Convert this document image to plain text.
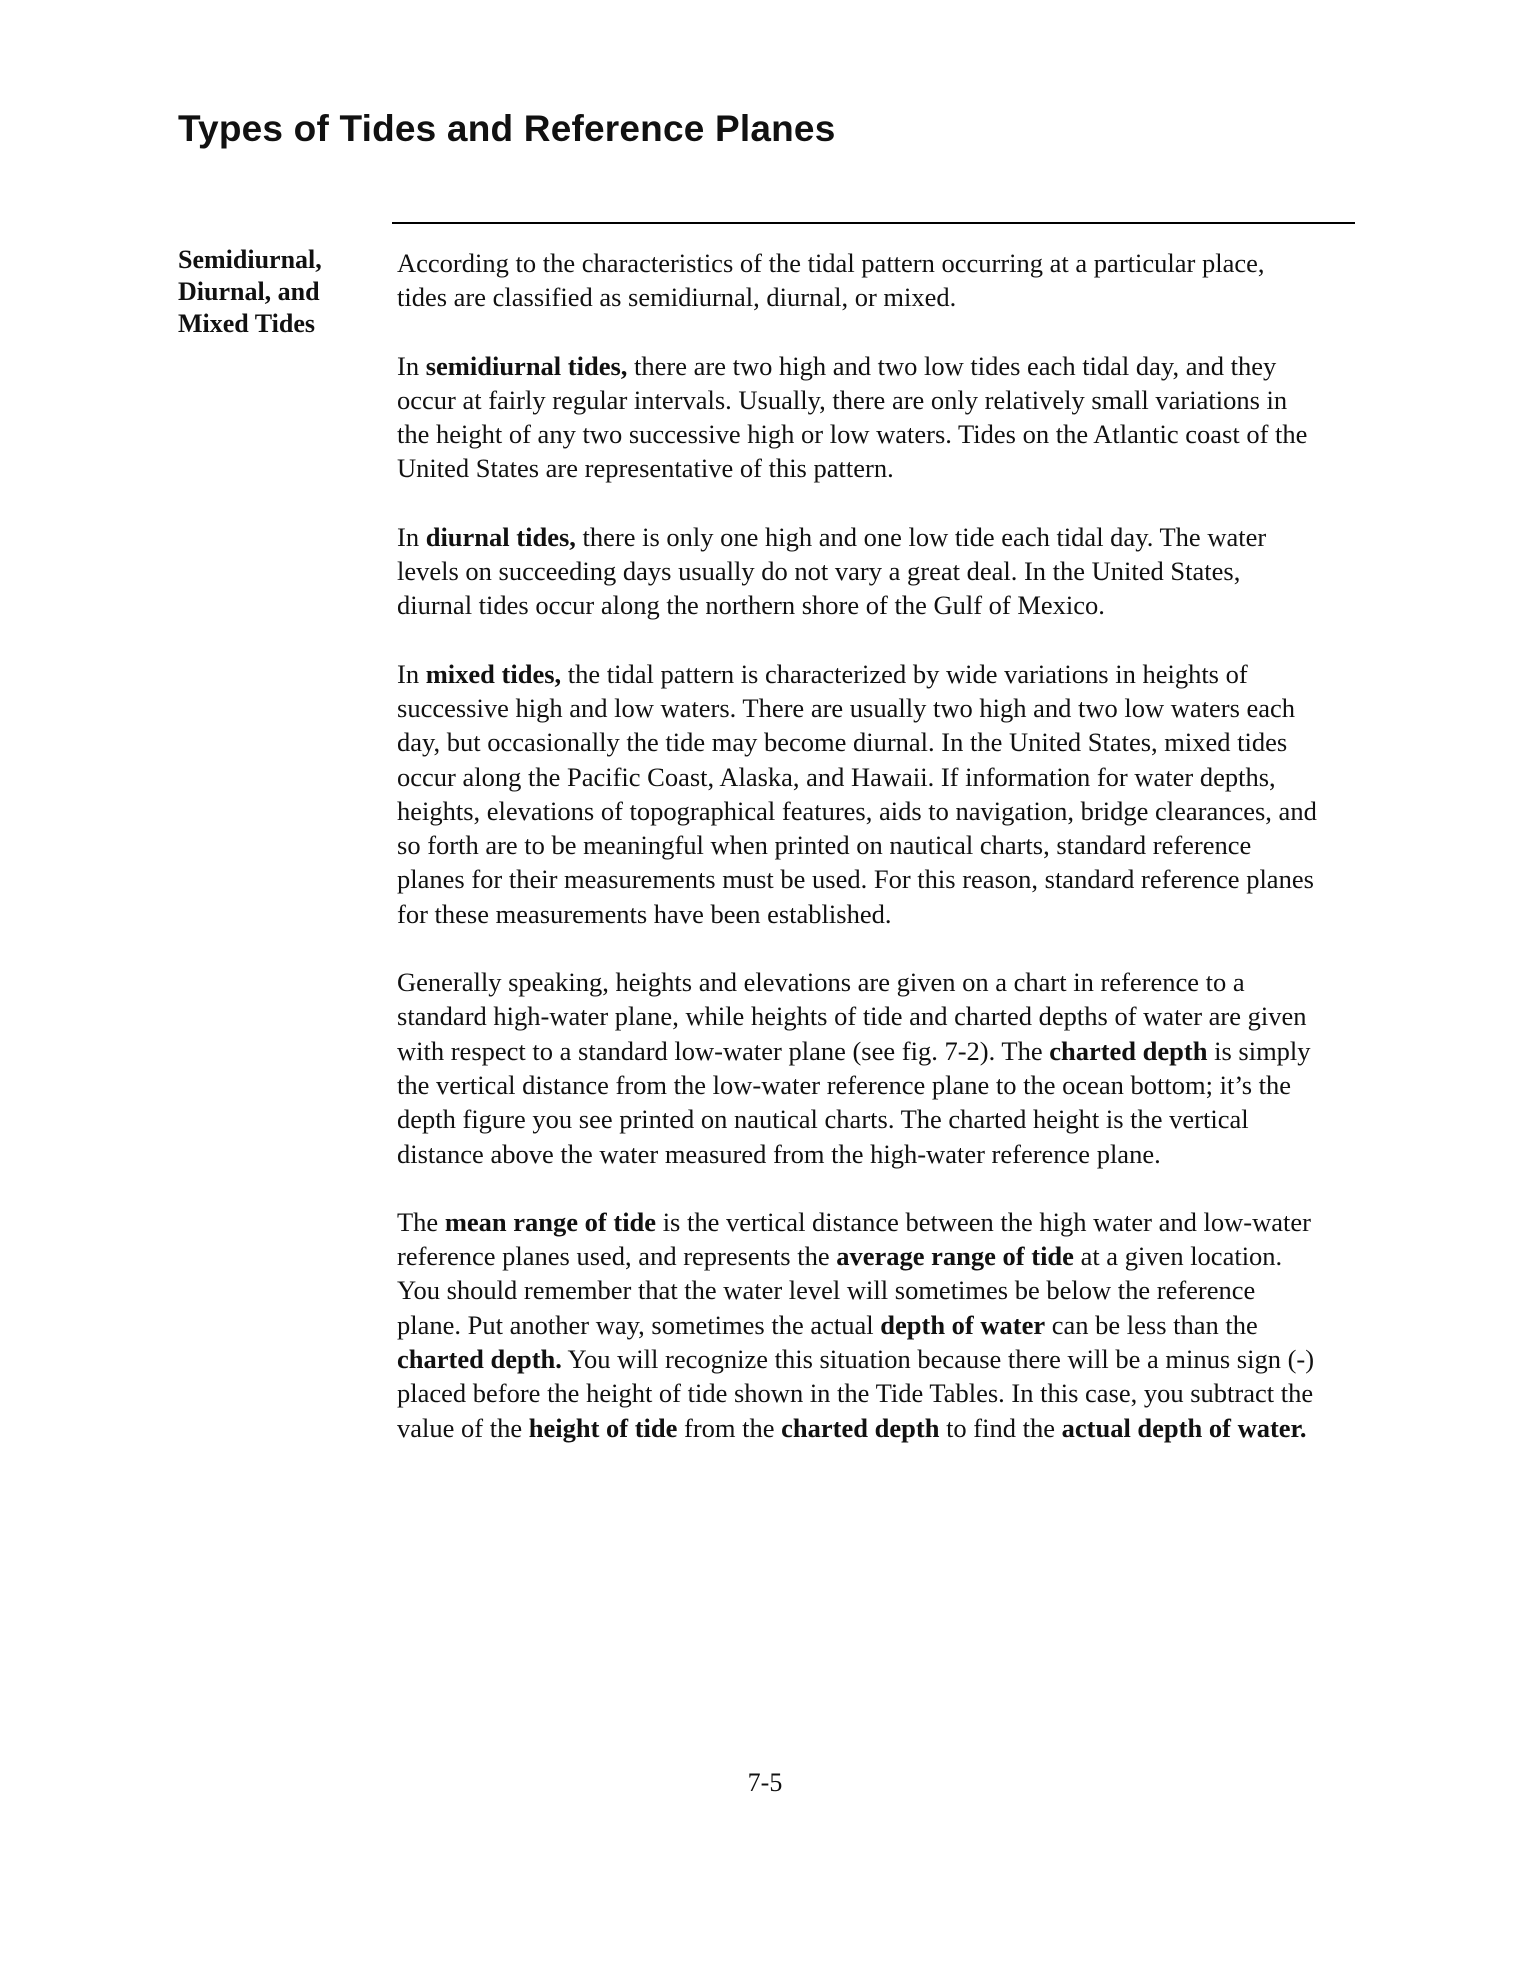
Types of Tides and Reference Planes
Semidiurnal,
Diurnal, and
Mixed Tides

According to the characteristics of the tidal pattern occurring at a particular place, tides are classified as semidiurnal, diurnal, or mixed.

In semidiurnal tides, there are two high and two low tides each tidal day, and they occur at fairly regular intervals. Usually, there are only relatively small variations in the height of any two successive high or low waters. Tides on the Atlantic coast of the United States are representative of this pattern.

In diurnal tides, there is only one high and one low tide each tidal day. The water levels on succeeding days usually do not vary a great deal. In the United States, diurnal tides occur along the northern shore of the Gulf of Mexico.

In mixed tides, the tidal pattern is characterized by wide variations in heights of successive high and low waters. There are usually two high and two low waters each day, but occasionally the tide may become diurnal. In the United States, mixed tides occur along the Pacific Coast, Alaska, and Hawaii. If information for water depths, heights, elevations of topographical features, aids to navigation, bridge clearances, and so forth are to be meaningful when printed on nautical charts, standard reference planes for their measurements must be used. For this reason, standard reference planes for these measurements have been established.

Generally speaking, heights and elevations are given on a chart in reference to a standard high-water plane, while heights of tide and charted depths of water are given with respect to a standard low-water plane (see fig. 7-2). The charted depth is simply the vertical distance from the low-water reference plane to the ocean bottom; it’s the depth figure you see printed on nautical charts. The charted height is the vertical distance above the water measured from the high-water reference plane.

The mean range of tide is the vertical distance between the high water and low-water reference planes used, and represents the average range of tide at a given location. You should remember that the water level will sometimes be below the reference plane. Put another way, sometimes the actual depth of water can be less than the charted depth. You will recognize this situation because there will be a minus sign (-) placed before the height of tide shown in the Tide Tables. In this case, you subtract the value of the height of tide from the charted depth to find the actual depth of water.

7-5
